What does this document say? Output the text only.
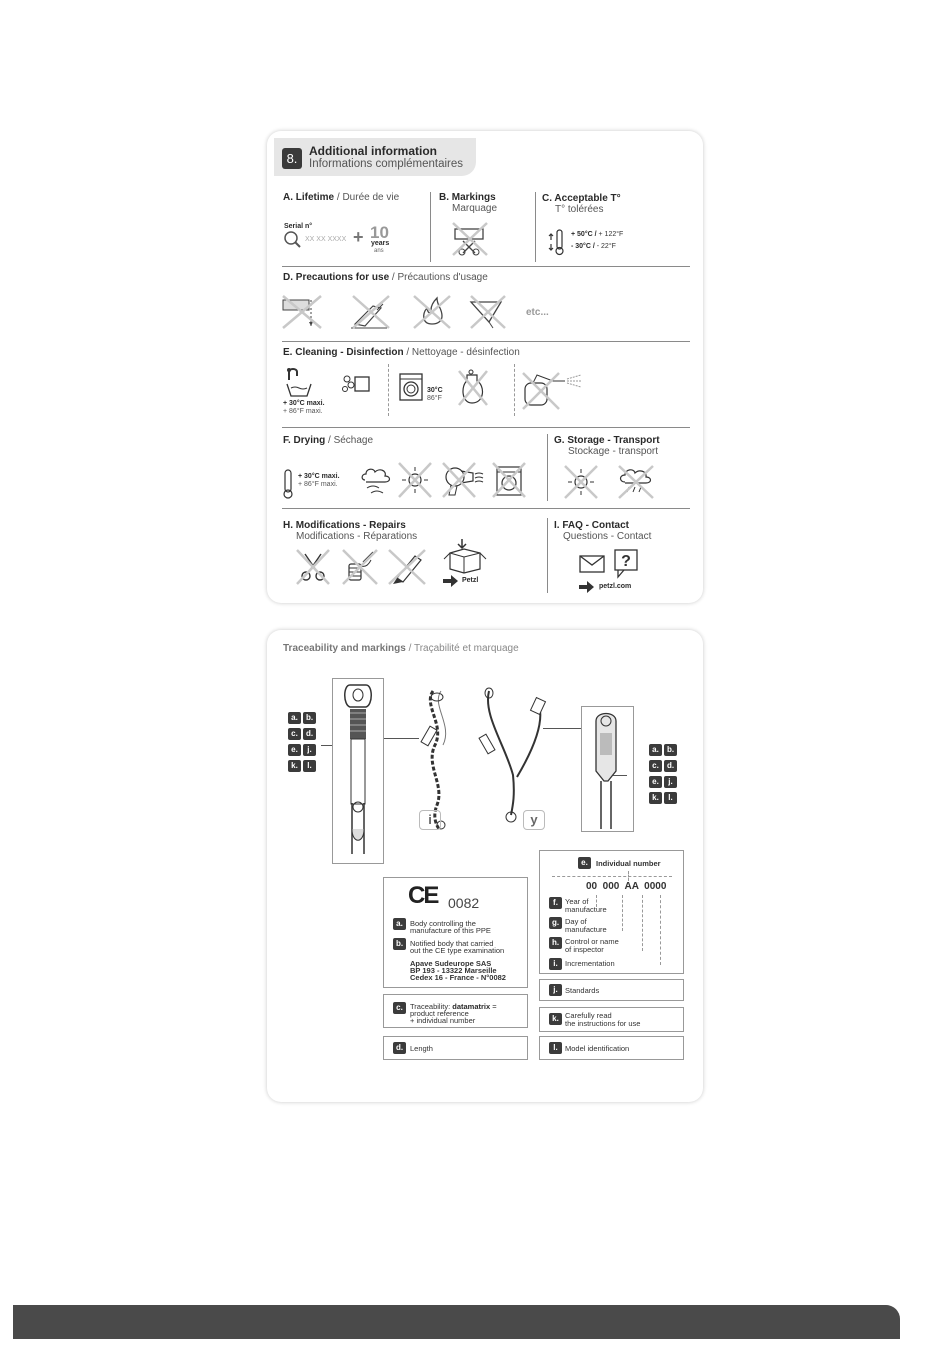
8. Additional information
Informations complémentaires
A. Lifetime / Durée de vie
Serial n°
XX XX XXXX + 10
years
ans
B. Markings
Marquage
C. Acceptable T°
T° tolérées
+ 50°C / + 122°F
- 30°C / - 22°F
D. Precautions for use / Précautions d'usage
etc...
E. Cleaning - Disinfection / Nettoyage - désinfection
+ 30°C maxi.
+ 86°F maxi.
30°C
86°F
F. Drying / Séchage
+ 30°C maxi.
+ 86°F maxi.
G. Storage - Transport
Stockage - transport
H. Modifications - Repairs
Modifications - Réparations
Petzl
I. FAQ - Contact
Questions - Contact
?
petzl.com
Traceability and markings / Traçabilité et marquage
a. b.
c. d.
e. j.
k. l.
i	y
a. b.
c. d.
e. j.
k. l.
CE 0082
a. Body controlling the
manufacture of this PPE
b. Notified body that carried
out the CE type examination
Apave Sudeurope SAS
BP 193 - 13322 Marseille
Cedex 16 - France - N°0082
c. Traceability: datamatrix =
product reference
+ individual number
d. Length
e.	Individual number
00  000  AA  0000
f. Year of
manufacture
g. Day of
manufacture
h. Control or name
of inspector
i. Incrementation
j. Standards
k. Carefully read
the instructions for use
l. Model identification
